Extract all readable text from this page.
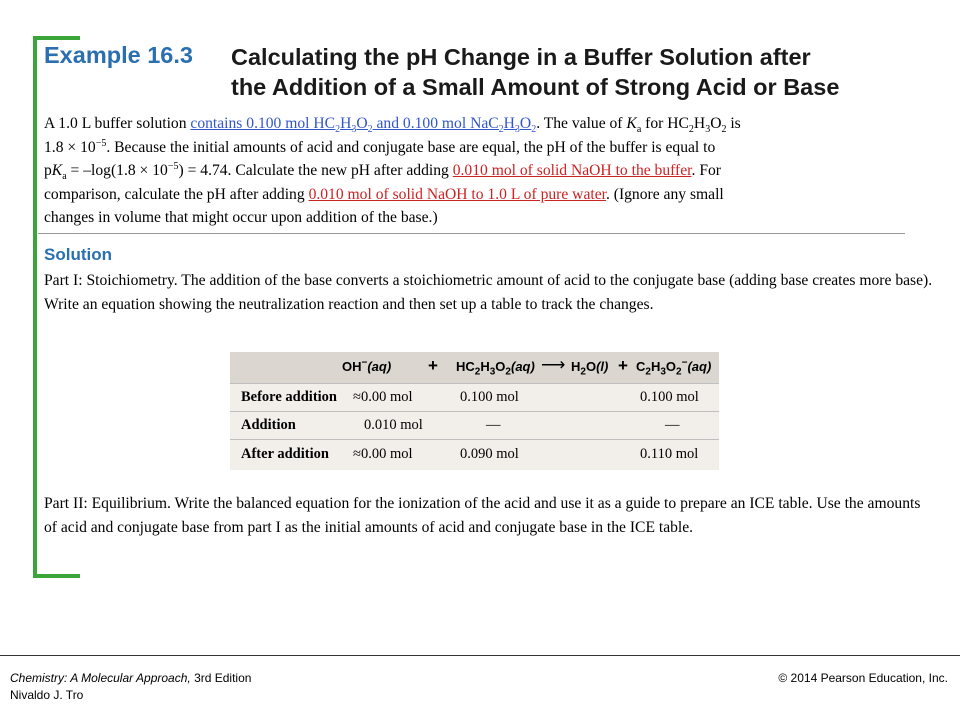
Example 16.3 Calculating the pH Change in a Buffer Solution after
the Addition of a Small Amount of Strong Acid or Base
A 1.0 L buffer solution contains 0.100 mol $HC_2H_3O_2$ and 0.100 mol $NaC_2H_3O_2$. The value of $K_a$ for $HC_2H_3O_2$ is
$1.8 \times 10^{-5}$. Because the initial amounts of acid and conjugate base are equal, the pH of the buffer is equal to
$pK_a = -\log(1.8 \times 10^{-5}) = 4.74$. Calculate the new pH after adding 0.010 mol of solid NaOH to the buffer. For
comparison, calculate the pH after adding 0.010 mol of solid NaOH to 1.0 L of pure water. (Ignore any small
changes in volume that might occur upon addition of the base.)
Solution
Part I: Stoichiometry. The addition of the base converts a stoichiometric amount of acid to the conjugate base (adding base creates more base). Write an equation showing the neutralization reaction and then set up a table to track the changes.
$OH^-(aq) + HC_2H_3O_2(aq)$ ⟶ $H_2O(l) + C_2H_3O_2^-(aq)$
Before addition ≈0.00 mol	0.100 mol	0.100 mol
Addition	0.010 mol	—	—
After addition ≈0.00 mol	0.090 mol	0.110 mol
Part II: Equilibrium. Write the balanced equation for the ionization of the acid and use it as a guide to prepare an ICE table. Use the amounts of acid and conjugate base from part I as the initial amounts of acid and conjugate base in the ICE table.
Chemistry: A Molecular Approach, 3rd Edition
Nivaldo J. Tro
© 2014 Pearson Education, Inc.
